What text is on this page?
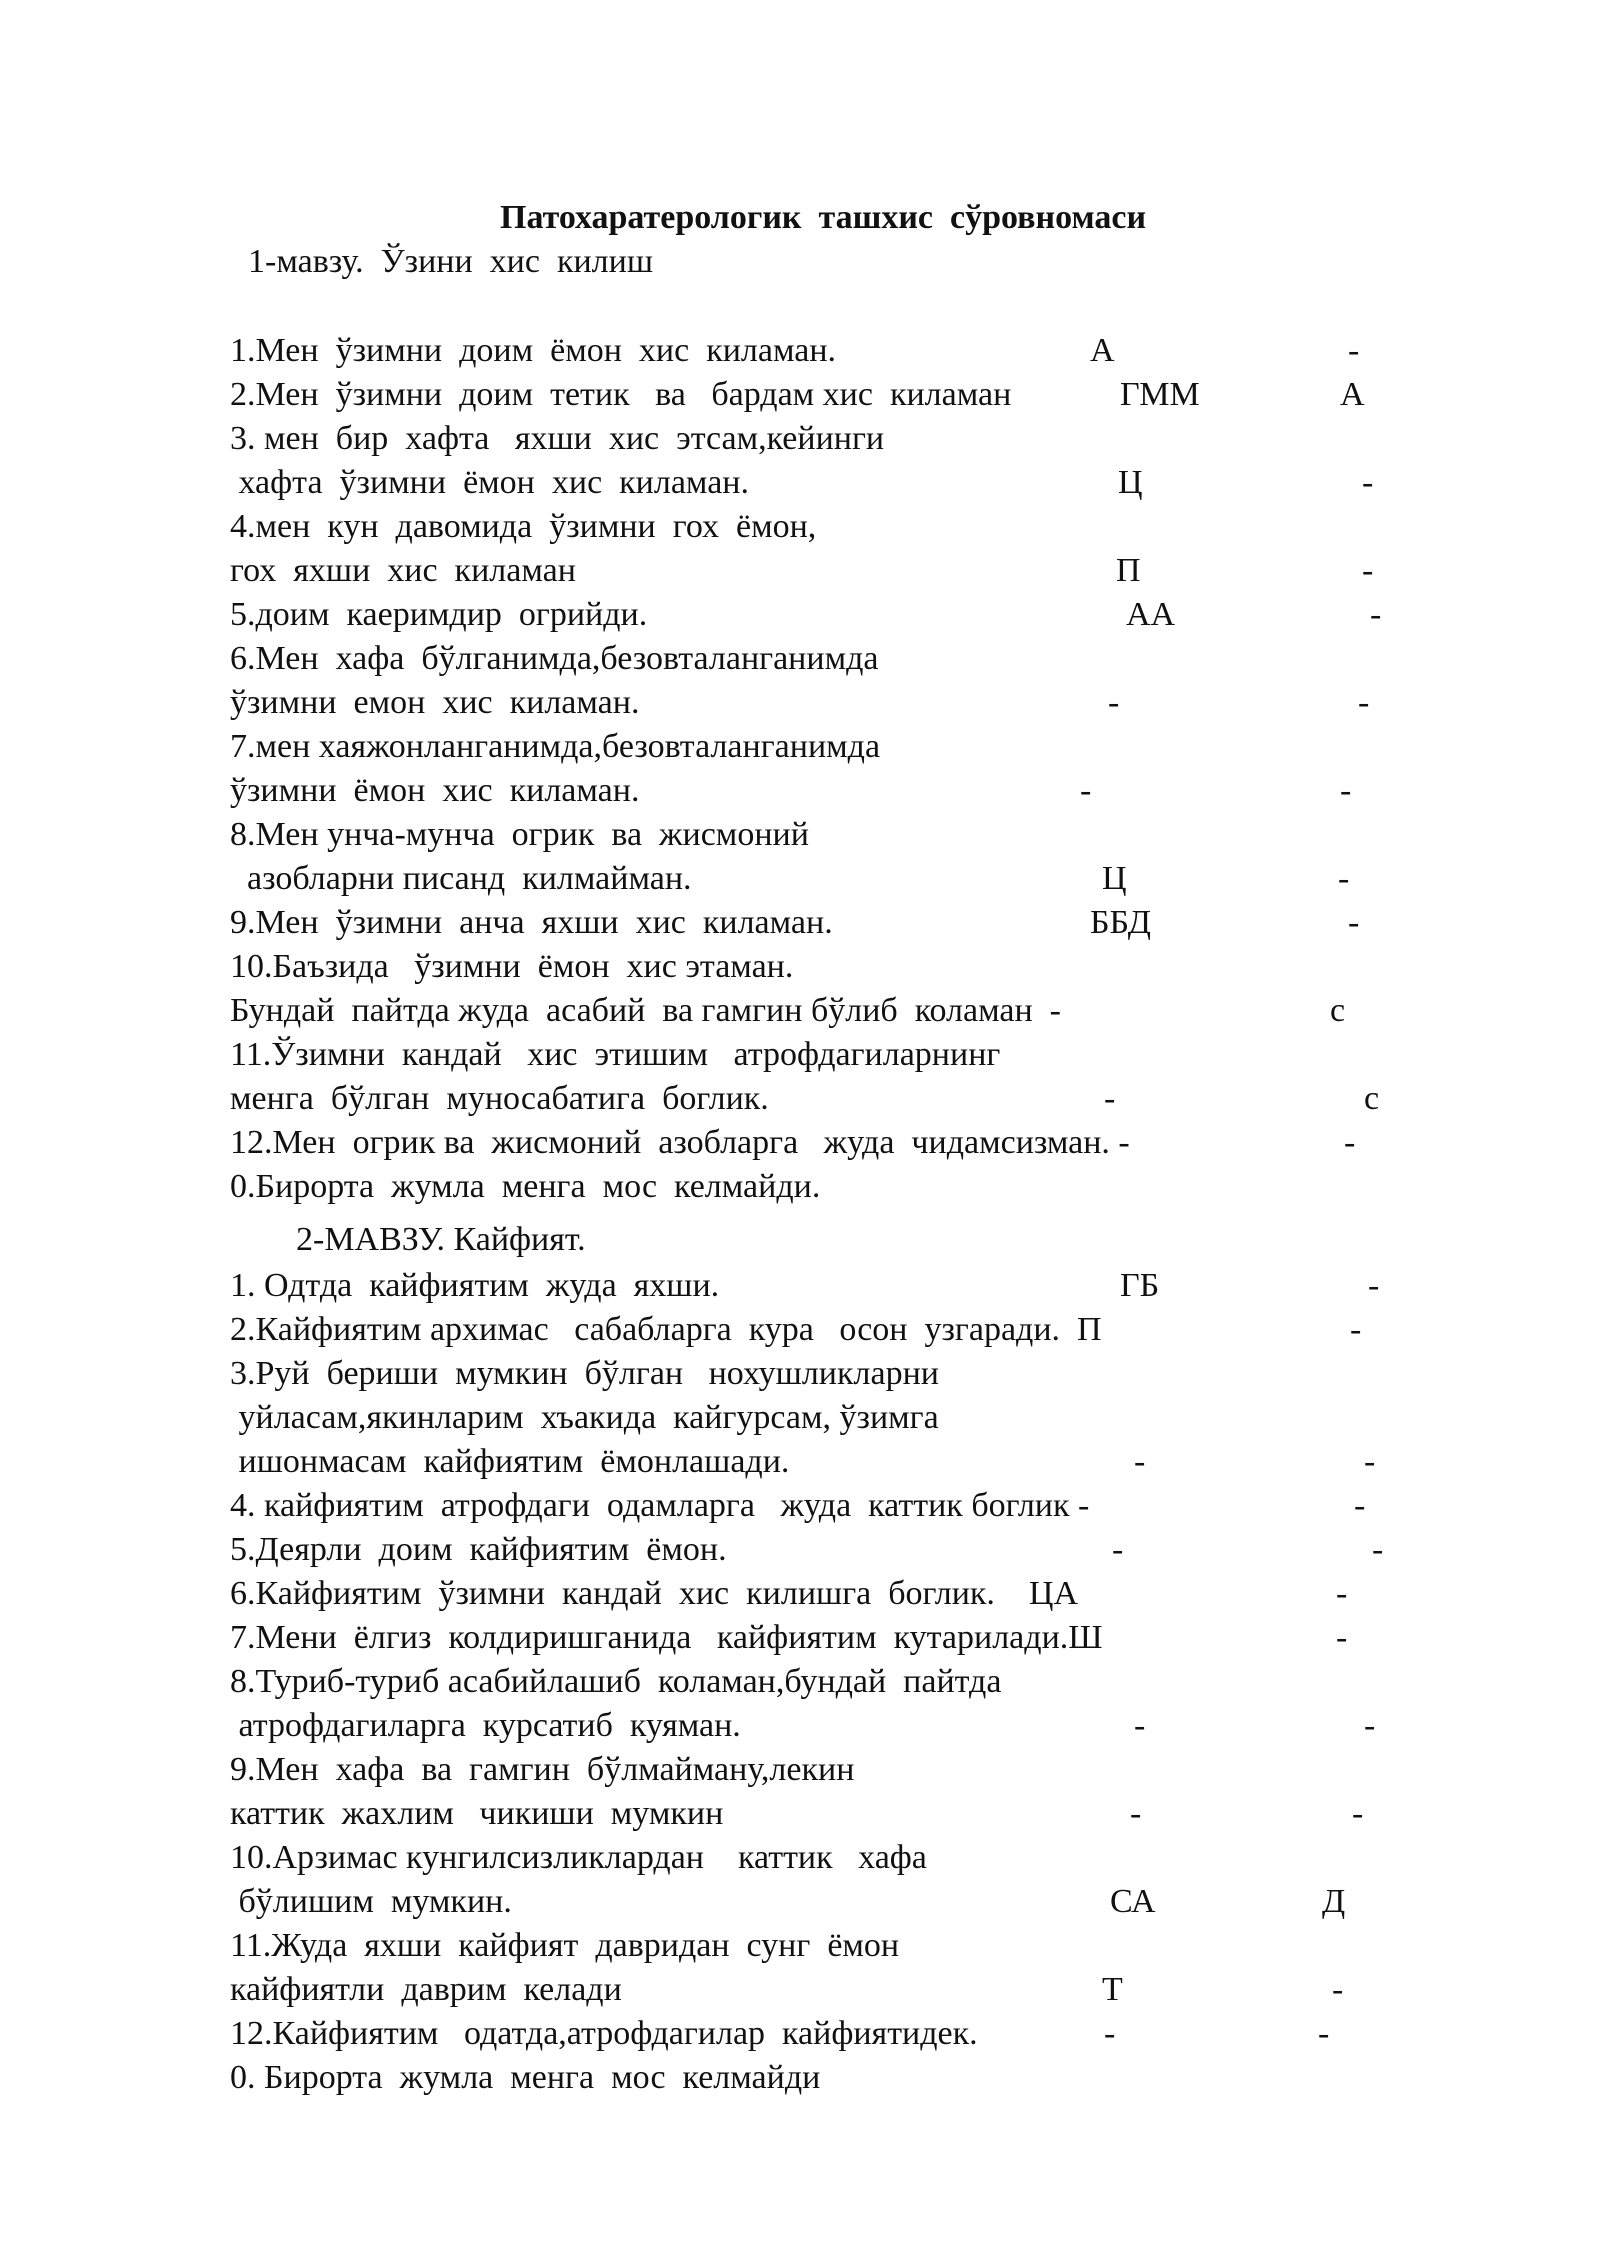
Патохаратерологик  ташхис  сўровномаси
1-мавзу.  Ўзини  хис  килиш
1.Мен  ўзимни  доим  ёмон  хис  киламан.	А	-
2.Мен  ўзимни  доим  тетик   ва   бардам хис  киламан	ГММ	А
3. мен  бир  хафта   яхши  хис  этсам,кейинги
хафта  ўзимни  ёмон  хис  киламан.	Ц	-
4.мен  кун  давомида  ўзимни  гох  ёмон,
гох  яхши  хис  киламан	П	-
5.доим  каеримдир  огрийди.	АА	-
6.Мен  хафа  бўлганимда,безовталанганимда
ўзимни  емон  хис  киламан.	-	-
7.мен хаяжонланганимда,безовталанганимда
ўзимни  ёмон  хис  киламан.	-	-
8.Мен унча-мунча  огрик  ва  жисмоний
азобларни писанд  килмайман.	Ц	-
9.Мен  ўзимни  анча  яхши  хис  киламан.	ББД	-
10.Баъзида   ўзимни  ёмон  хис этаман.
Бундай  пайтда жуда  асабий  ва гамгин бўлиб  коламан  -	с
11.Ўзимни  кандай   хис  этишим   атрофдагиларнинг
менга  бўлган  муносабатига  боглик.	-	с
12.Мен  огрик ва  жисмоний  азобларга   жуда  чидамсизман. -	-
0.Бирорта  жумла  менга  мос  келмайди.
2-МАВЗУ. Кайфият.
1. Одтда  кайфиятим  жуда  яхши.	ГБ	-
2.Кайфиятим архимас   сабабларга  кура   осон  узгаради.  П	-
3.Руй  бериши  мумкин  бўлган   нохушликларни
уйласам,якинларим  хъакида  кайгурсам, ўзимга
ишонмасам  кайфиятим  ёмонлашади.	-	-
4. кайфиятим  атрофдаги  одамларга   жуда  каттик боглик -	-
5.Деярли  доим  кайфиятим  ёмон.	-	-
6.Кайфиятим  ўзимни  кандай  хис  килишга  боглик.    ЦА	-
7.Мени  ёлгиз  колдиришганида   кайфиятим  кутарилади.Ш	-
8.Туриб-туриб асабийлашиб  коламан,бундай  пайтда
атрофдагиларга  курсатиб  куяман.	-	-
9.Мен  хафа  ва  гамгин  бўлмайману,лекин
каттик  жахлим   чикиши  мумкин	-	-
10.Арзимас кунгилсизликлардан    каттик   хафа
бўлишим  мумкин.	СА	Д
11.Жуда  яхши  кайфият  давридан  сунг  ёмон
кайфиятли  даврим  келади	Т	-
12.Кайфиятим   одатда,атрофдагилар  кайфиятидек.	-	-
0. Бирорта  жумла  менга  мос  келмайди
